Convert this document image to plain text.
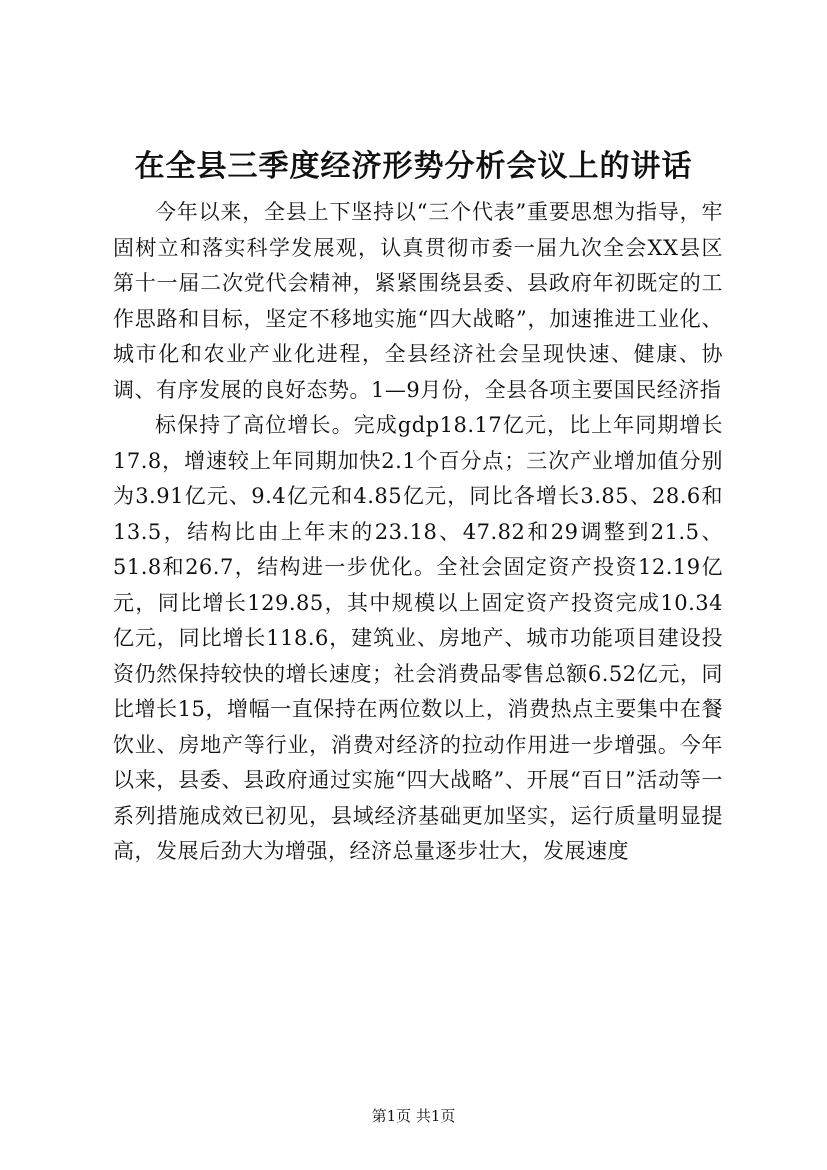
在全县三季度经济形势分析会议上的讲话

今年以来，全县上下坚持以“三个代表”重要思想为指导，牢固树立和落实科学发展观，认真贯彻市委一届九次全会XX县区第十一届二次党代会精神，紧紧围绕县委、县政府年初既定的工作思路和目标，坚定不移地实施“四大战略”，加速推进工业化、城市化和农业产业化进程，全县经济社会呈现快速、健康、协调、有序发展的良好态势。1—9月份，全县各项主要国民经济指

标保持了高位增长。完成gdp18.17亿元，比上年同期增长17.8，增速较上年同期加快2.1个百分点；三次产业增加值分别为3.91亿元、9.4亿元和4.85亿元，同比各增长3.85、28.6和13.5，结构比由上年末的23.18、47.82和29调整到21.5、51.8和26.7，结构进一步优化。全社会固定资产投资12.19亿元，同比增长129.85，其中规模以上固定资产投资完成10.34亿元，同比增长118.6，建筑业、房地产、城市功能项目建设投资仍然保持较快的增长速度；社会消费品零售总额6.52亿元，同比增长15，增幅一直保持在两位数以上，消费热点主要集中在餐饮业、房地产等行业，消费对经济的拉动作用进一步增强。今年以来，县委、县政府通过实施“四大战略”、开展“百日”活动等一系列措施成效已初见，县域经济基础更加坚实，运行质量明显提高，发展后劲大为增强，经济总量逐步壮大，发展速度

第1页 共1页
